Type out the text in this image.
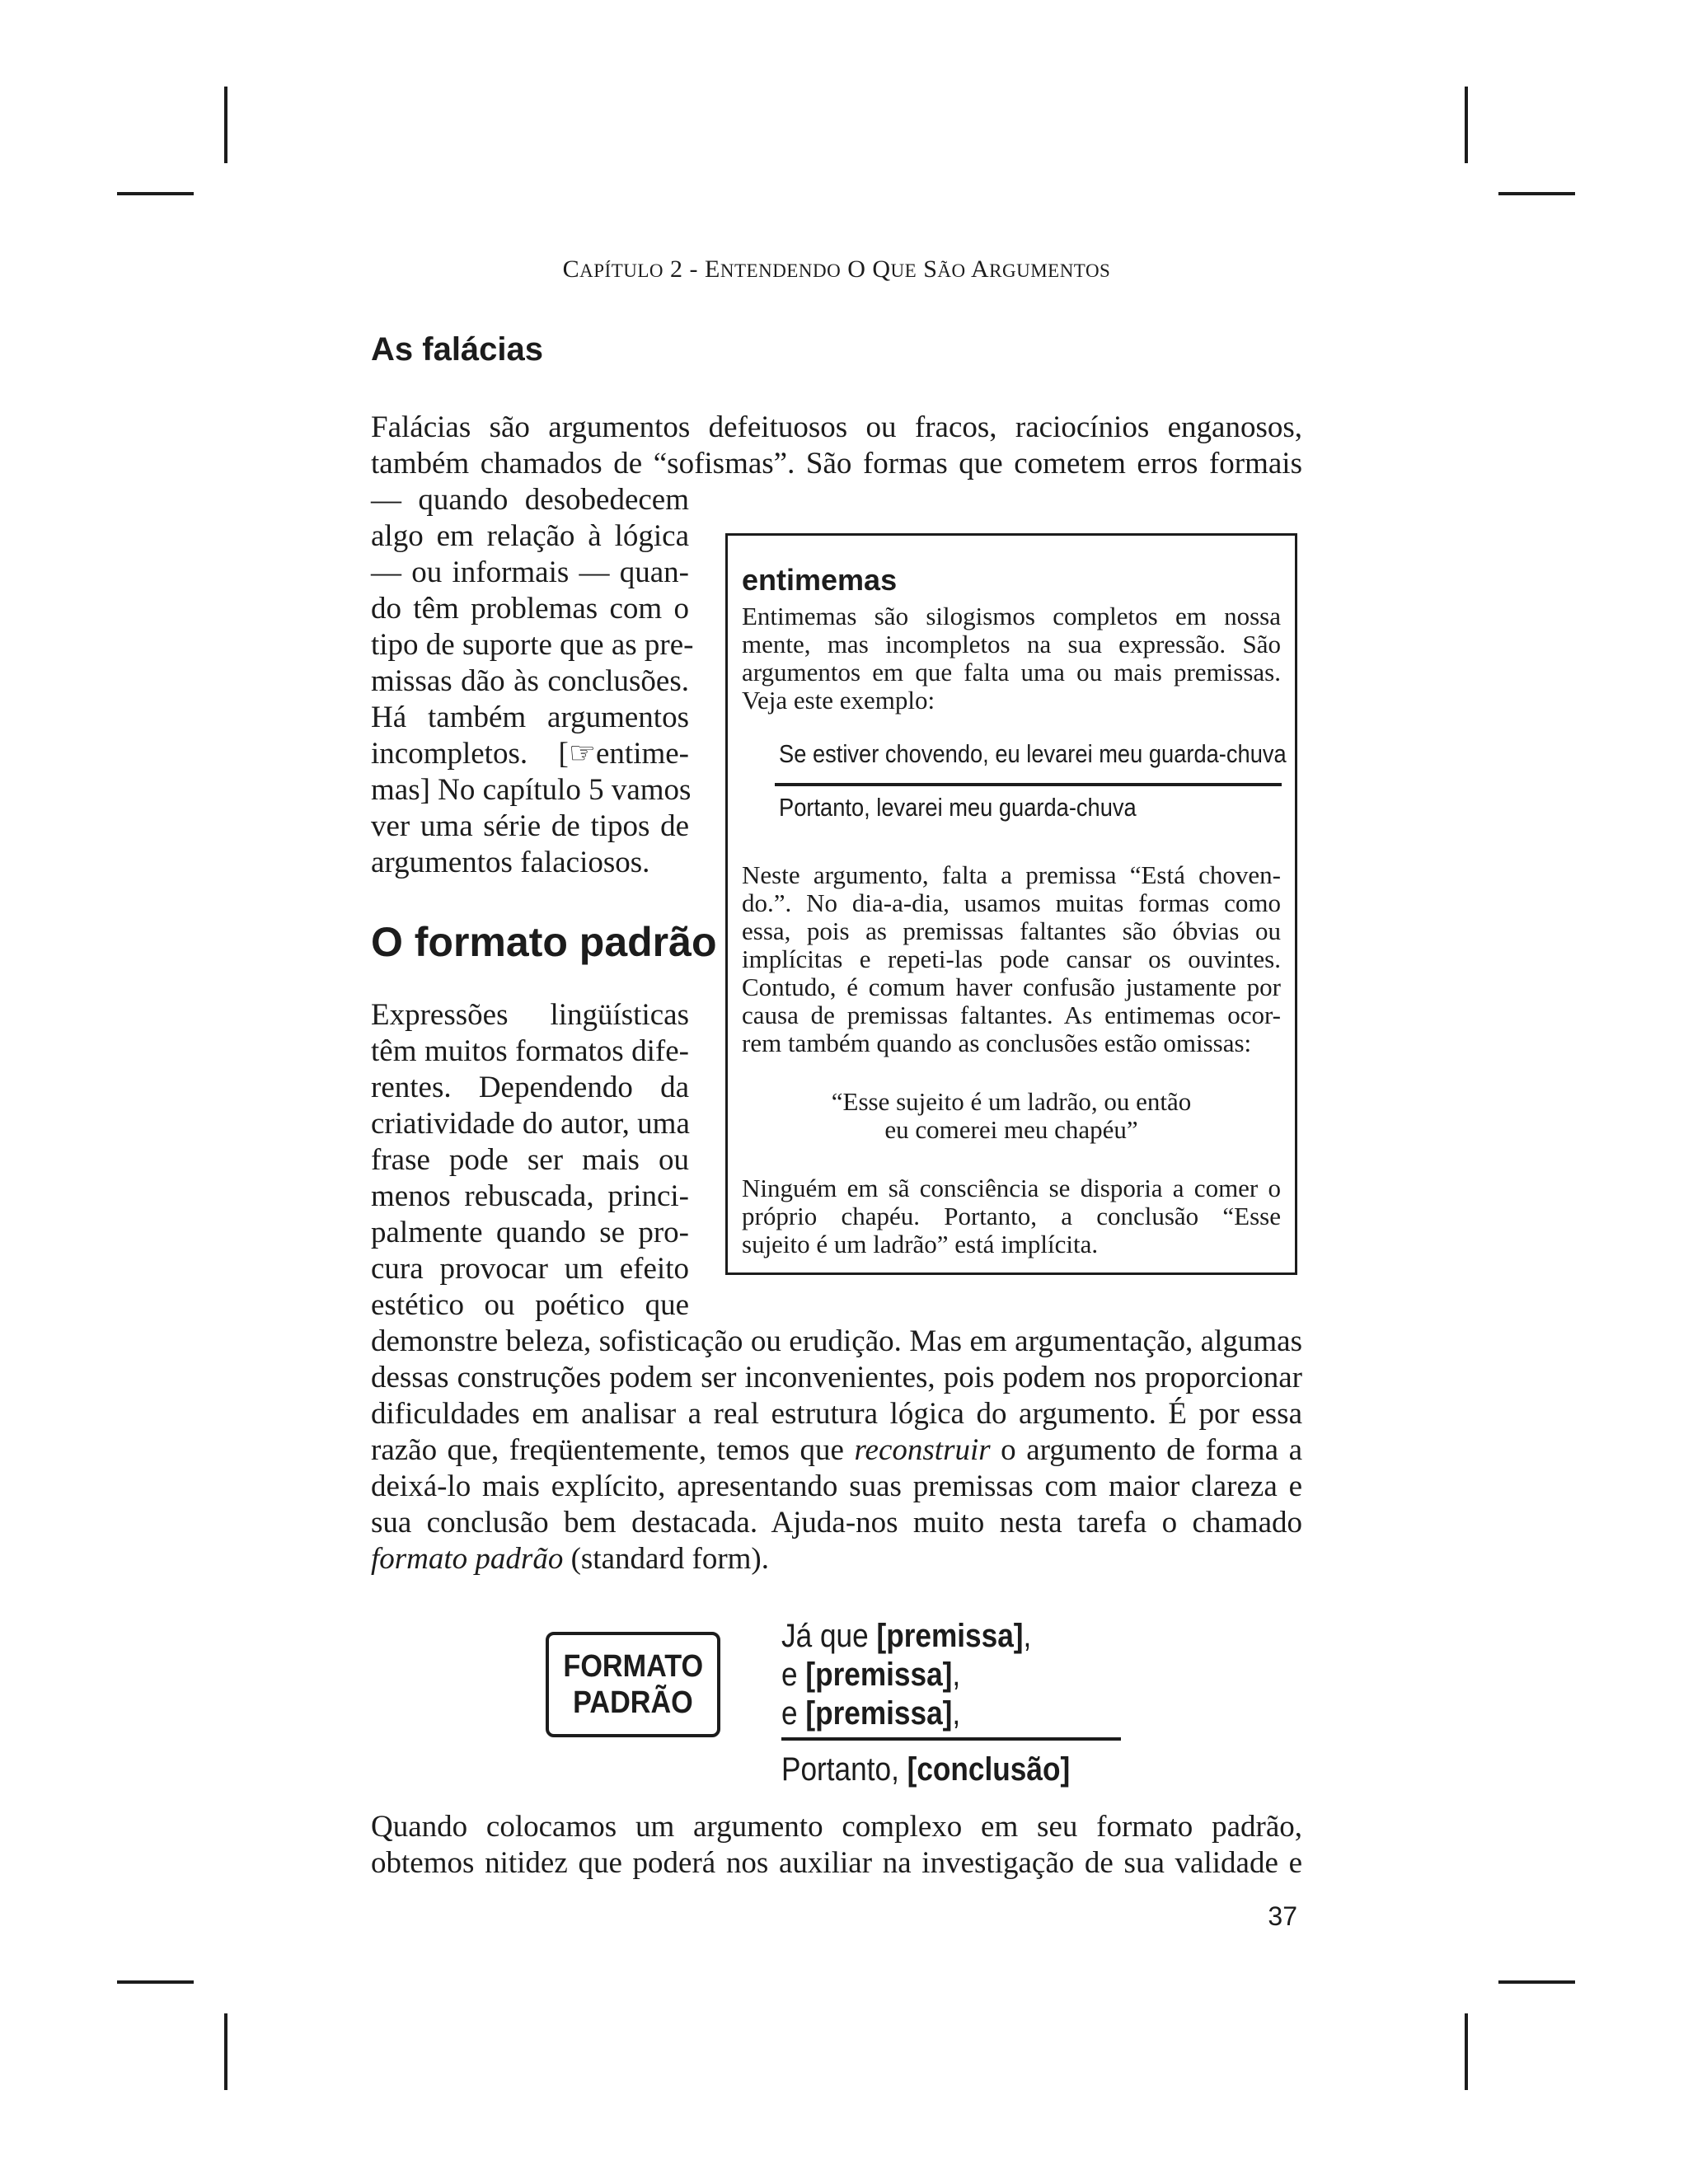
CAPÍTULO 2 - ENTENDENDO O QUE SÃO ARGUMENTOS
As falácias
Falácias são argumentos defeituosos ou fracos, raciocínios enganosos,
também chamados de “sofismas”. São formas que cometem erros formais
— quando desobedecem
algo em relação à lógica
— ou informais — quan-
do têm problemas com o
tipo de suporte que as pre-
missas dão às conclusões.
Há também argumentos
incompletos. [☞entime-
mas] No capítulo 5 vamos
ver uma série de tipos de
argumentos falaciosos.
O formato padrão
Expressões lingüísticas
têm muitos formatos dife-
rentes. Dependendo da
criatividade do autor, uma
frase pode ser mais ou
menos rebuscada, princi-
palmente quando se pro-
cura provocar um efeito
estético ou poético que
demonstre beleza, sofisticação ou erudição. Mas em argumentação, algumas
dessas construções podem ser inconvenientes, pois podem nos proporcionar
dificuldades em analisar a real estrutura lógica do argumento. É por essa
razão que, freqüentemente, temos que reconstruir o argumento de forma a
deixá-lo mais explícito, apresentando suas premissas com maior clareza e
sua conclusão bem destacada. Ajuda-nos muito nesta tarefa o chamado
formato padrão (standard form).
entimemas
Entimemas são silogismos completos em nossa
mente, mas incompletos na sua expressão. São
argumentos em que falta uma ou mais premissas.
Veja este exemplo:
Se estiver chovendo, eu levarei meu guarda-chuva
Portanto, levarei meu guarda-chuva
Neste argumento, falta a premissa “Está choven-
do.”. No dia-a-dia, usamos muitas formas como
essa, pois as premissas faltantes são óbvias ou
implícitas e repeti-las pode cansar os ouvintes.
Contudo, é comum haver confusão justamente por
causa de premissas faltantes. As entimemas ocor-
rem também quando as conclusões estão omissas:
“Esse sujeito é um ladrão, ou então
eu comerei meu chapéu”
Ninguém em sã consciência se disporia a comer o
próprio chapéu. Portanto, a conclusão “Esse
sujeito é um ladrão” está implícita.
FORMATO
PADRÃO
Já que [premissa],
e [premissa],
e [premissa],
Portanto, [conclusão]
Quando colocamos um argumento complexo em seu formato padrão,
obtemos nitidez que poderá nos auxiliar na investigação de sua validade e
37
